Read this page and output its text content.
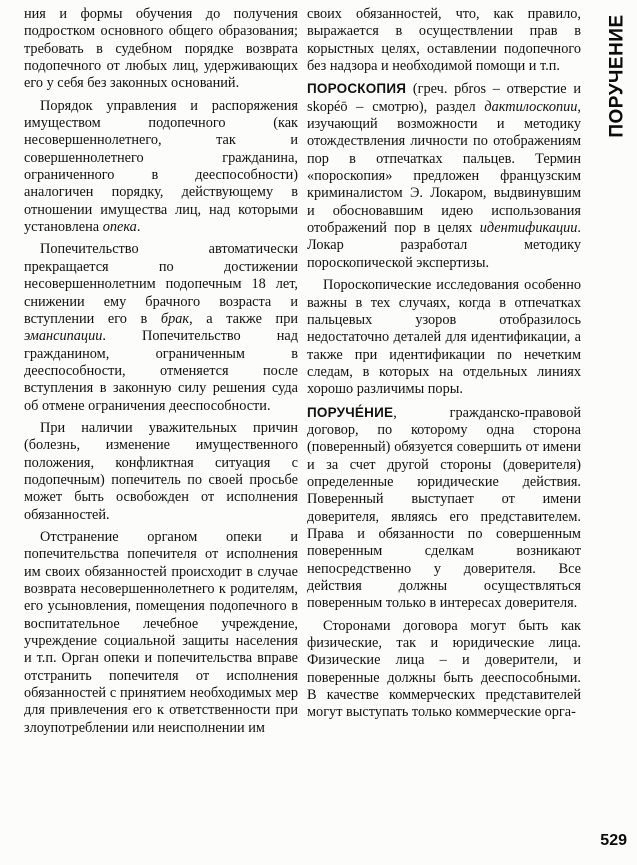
ния и формы обучения до получения подростком основного общего образования; требовать в судебном порядке возврата подопечного от любых лиц, удерживающих его у себя без законных оснований.

Порядок управления и распоряжения имуществом подопечного (как несовершеннолетнего, так и совершеннолетнего гражданина, ограниченного в дееспособности) аналогичен порядку, действующему в отношении имущества лиц, над которыми установлена опека.

Попечительство автоматически прекращается по достижении несовершеннолетним подопечным 18 лет, снижении ему брачного возраста и вступлении его в брак, а также при эмансипации. Попечительство над гражданином, ограниченным в дееспособности, отменяется после вступления в законную силу решения суда об отмене ограничения дееспособности.

При наличии уважительных причин (болезнь, изменение имущественного положения, конфликтная ситуация с подопечным) попечитель по своей просьбе может быть освобожден от исполнения обязанностей.

Отстранение органом опеки и попечительства попечителя от исполнения им своих обязанностей происходит в случае возврата несовершеннолетнего к родителям, его усыновления, помещения подопечного в воспитательное лечебное учреждение, учреждение социальной защиты населения и т.п. Орган опеки и попечительства вправе отстранить попечителя от исполнения обязанностей с принятием необходимых мер для привлечения его к ответственности при злоупотреблении или неисполнении им

своих обязанностей, что, как правило, выражается в осуществлении прав в корыстных целях, оставлении подопечного без надзора и необходимой помощи и т.п.

ПОРОСКОПИЯ (греч. pбros – отверстие и skopéō – смотрю), раздел дактилоскопии, изучающий возможности и методику отождествления личности по отображениям пор в отпечатках пальцев. Термин «пороскопия» предложен французским криминалистом Э. Локаром, выдвинувшим и обосновавшим идею использования отображений пор в целях идентификации. Локар разработал методику пороскопической экспертизы.

Пороскопические исследования особенно важны в тех случаях, когда в отпечатках пальцевых узоров отобразилось недостаточно деталей для идентификации, а также при идентификации по нечетким следам, в которых на отдельных линиях хорошо различимы поры.

ПОРУЧЕ́НИЕ, гражданско-правовой договор, по которому одна сторона (поверенный) обязуется совершить от имени и за счет другой стороны (доверителя) определенные юридические действия. Поверенный выступает от имени доверителя, являясь его представителем. Права и обязанности по совершенным поверенным сделкам возникают непосредственно у доверителя. Все действия должны осуществляться поверенным только в интересах доверителя.

Сторонами договора могут быть как физические, так и юридические лица. Физические лица – и доверители, и поверенные должны быть дееспособными. В качестве коммерческих представителей могут выступать только коммерческие орга-

ПОРУЧЕНИЕ
529
